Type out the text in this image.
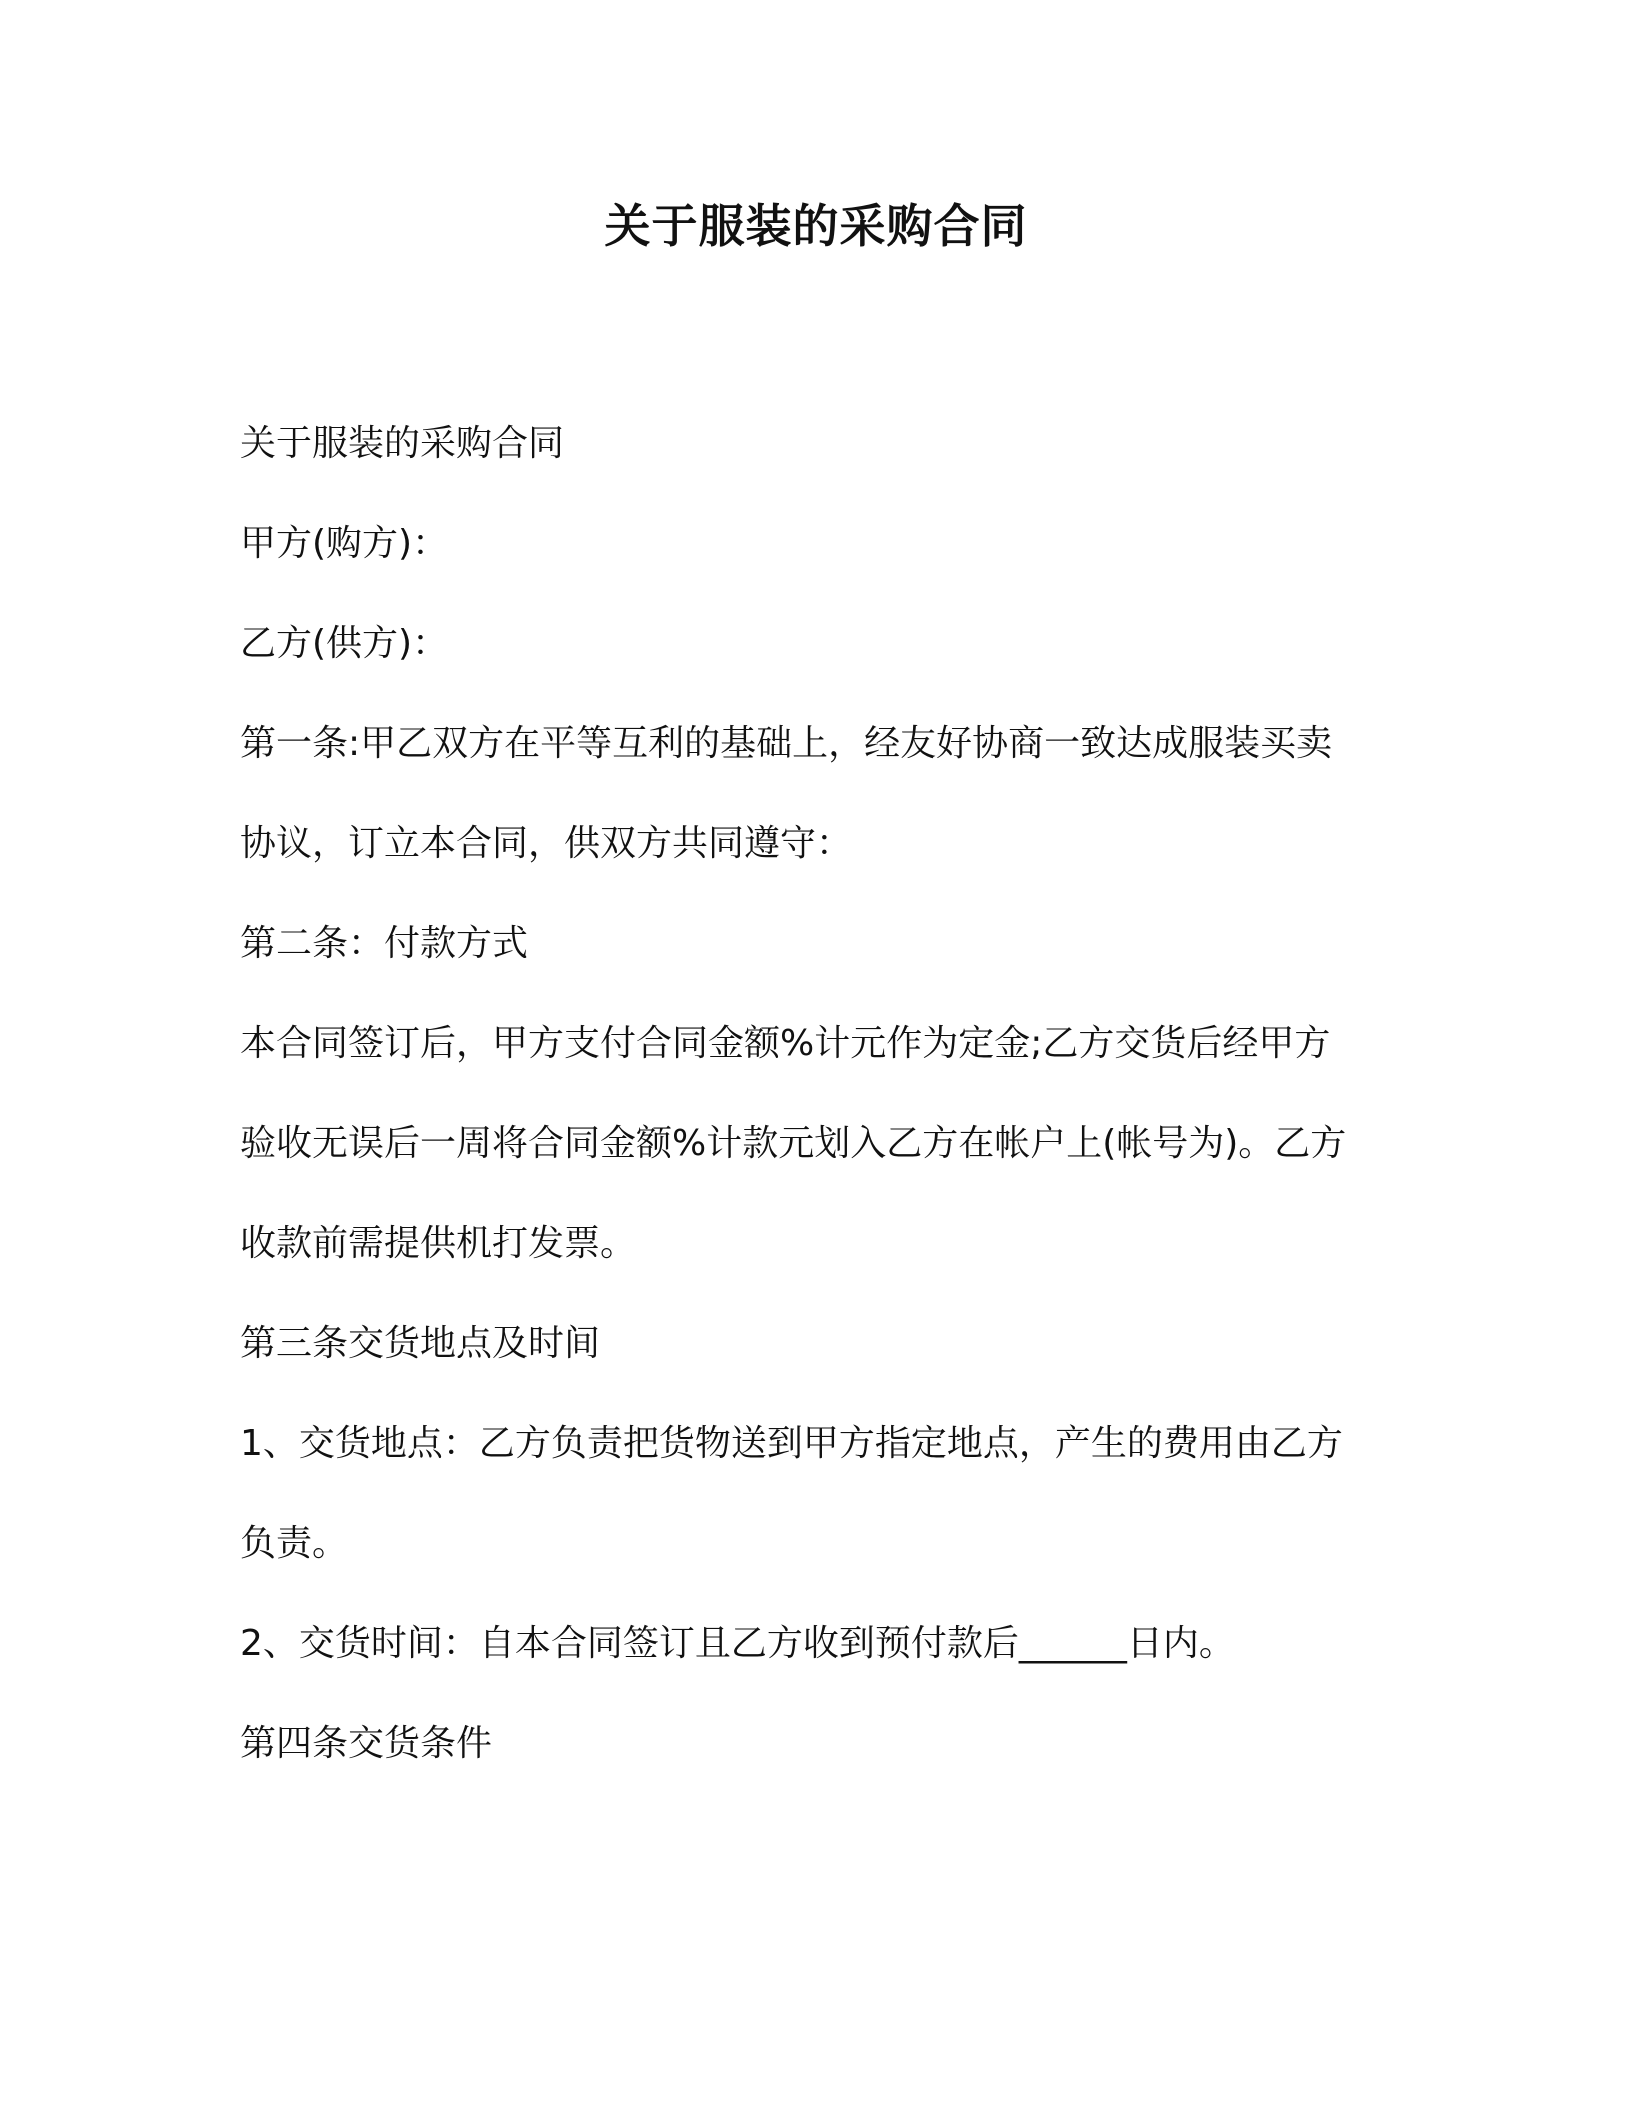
关于服装的采购合同

关于服装的采购合同

甲方(购方)：

乙方(供方)：

第一条:甲乙双方在平等互利的基础上，经友好协商一致达成服装买卖

协议，订立本合同，供双方共同遵守：

第二条：付款方式

本合同签订后，甲方支付合同金额%计元作为定金;乙方交货后经甲方

验收无误后一周将合同金额%计款元划入乙方在帐户上(帐号为)。乙方

收款前需提供机打发票。

第三条交货地点及时间

1、交货地点：乙方负责把货物送到甲方指定地点，产生的费用由乙方

负责。

2、交货时间：自本合同签订且乙方收到预付款后______日内。

第四条交货条件
